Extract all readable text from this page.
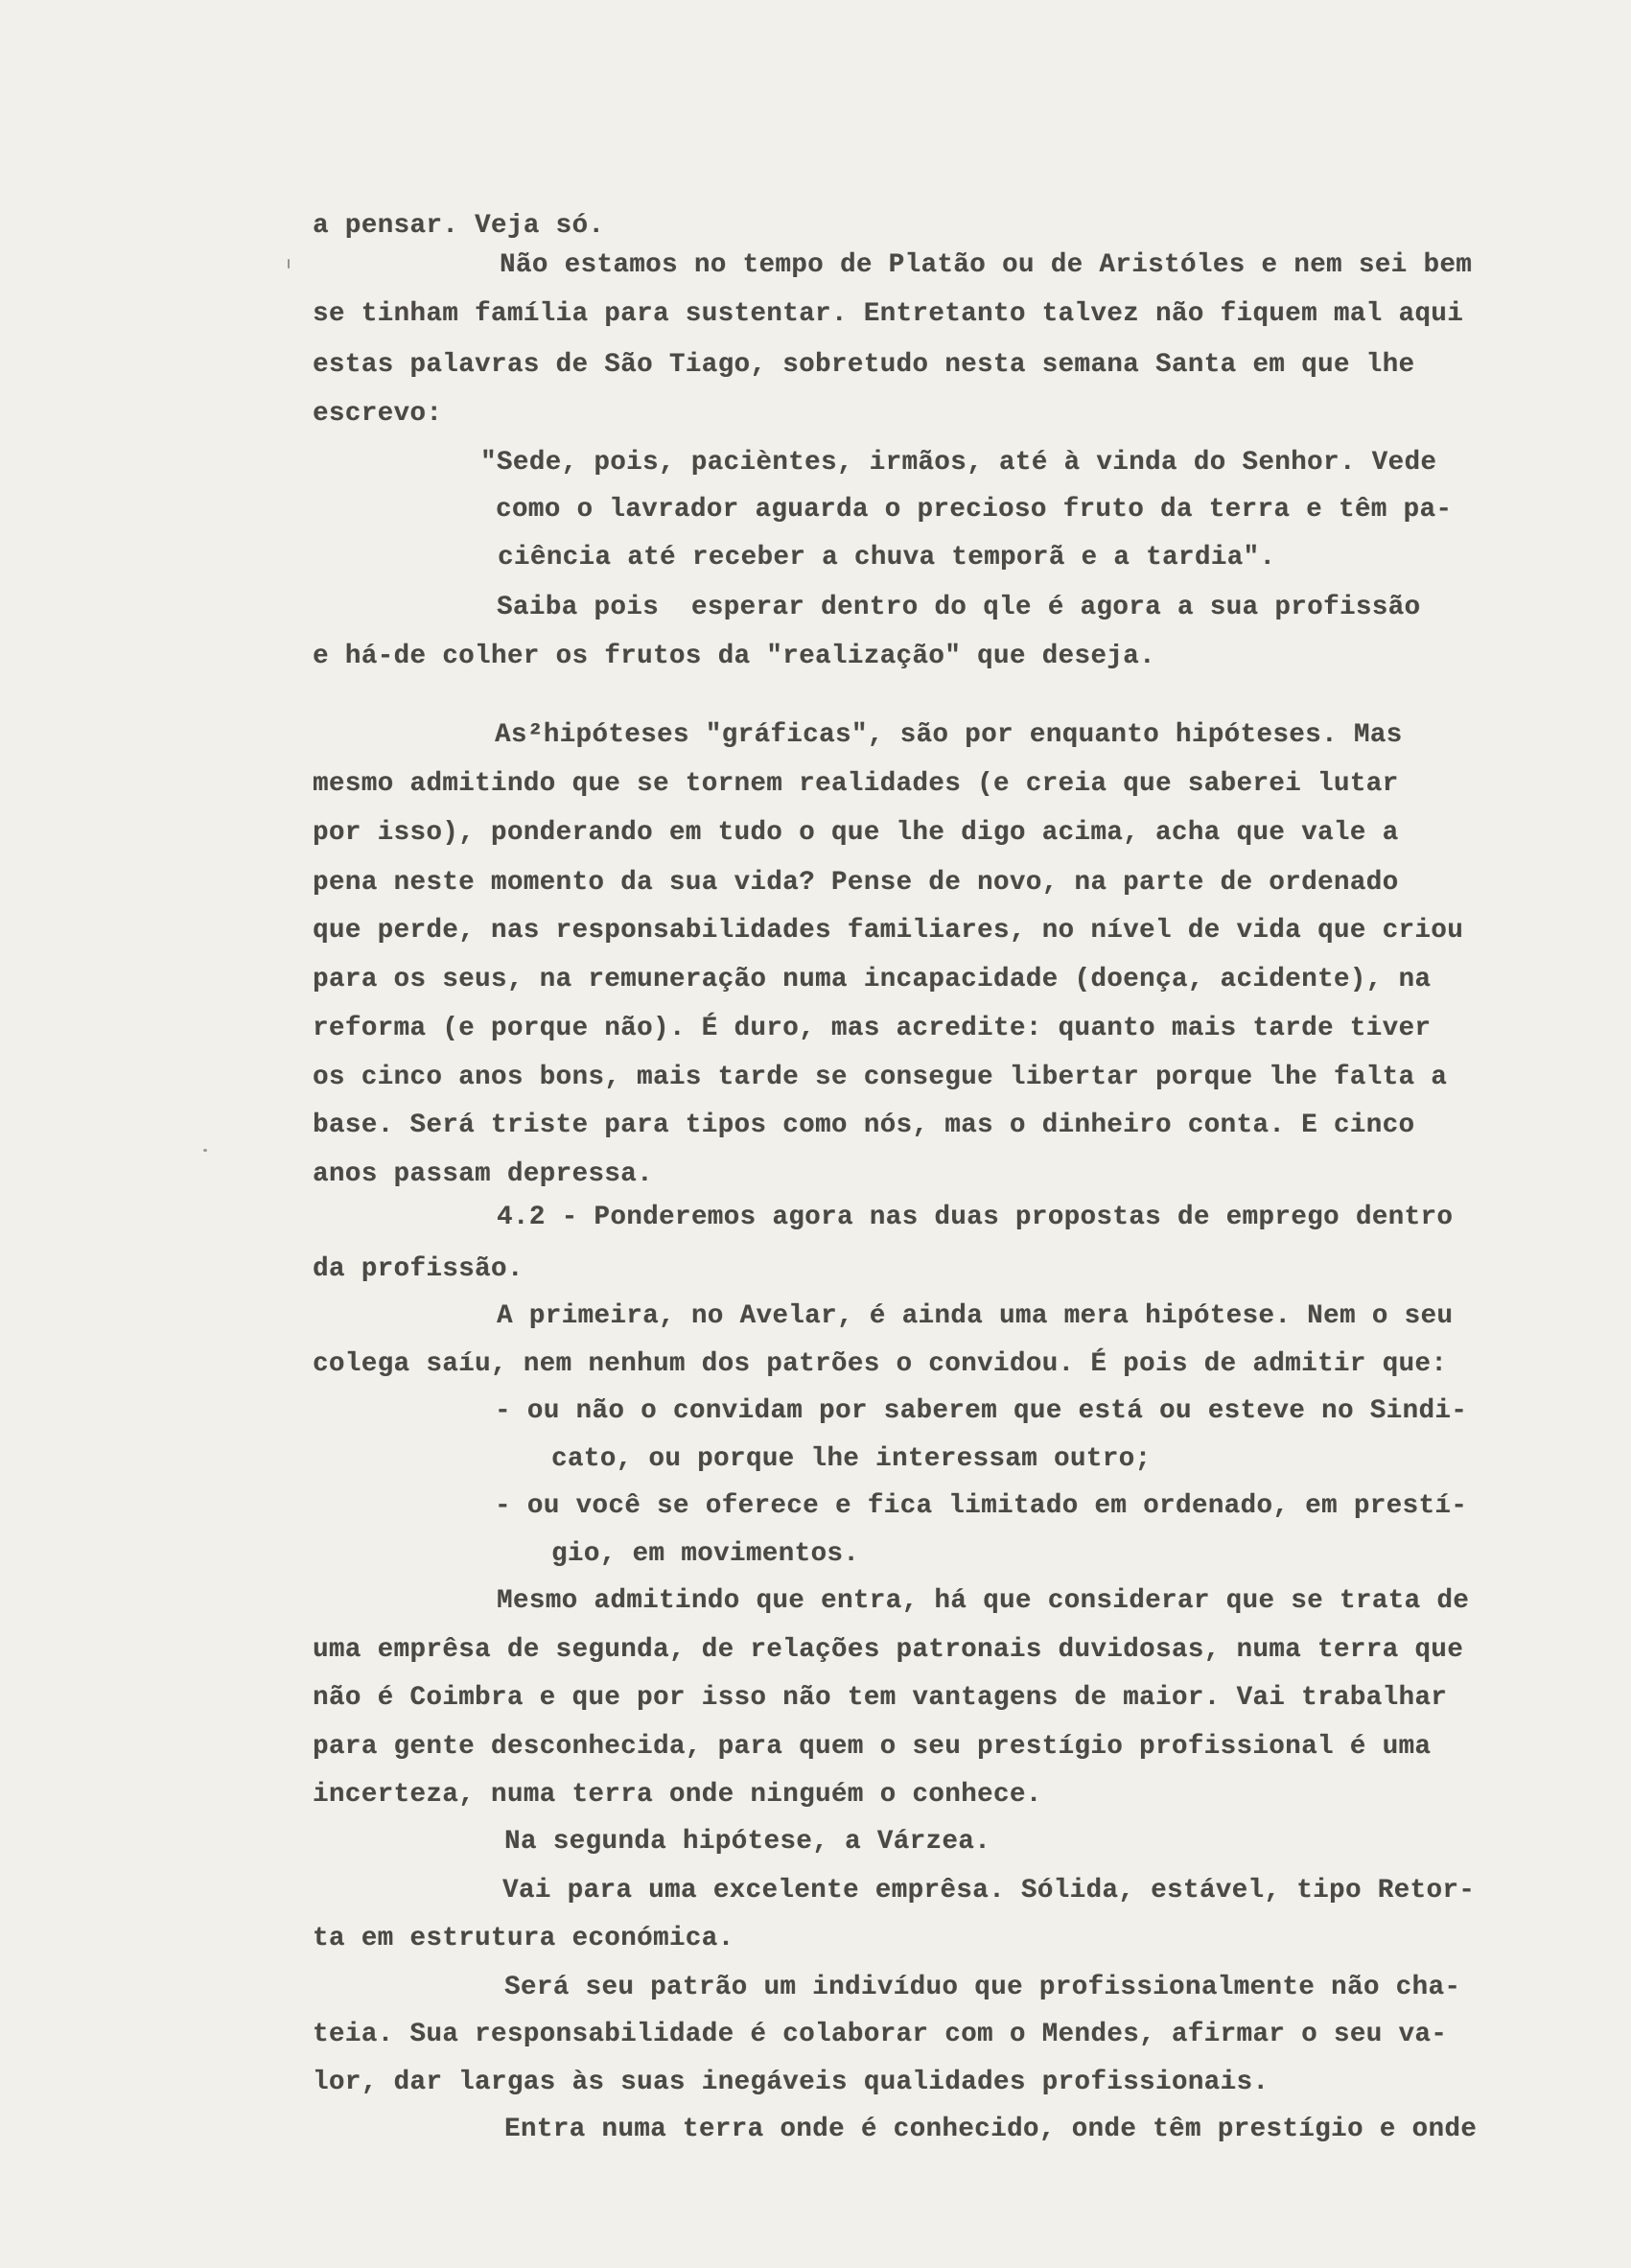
a pensar. Veja só.
Não estamos no tempo de Platão ou de Aristóles e nem sei bem
se tinham família para sustentar. Entretanto talvez não fiquem mal aqui
estas palavras de São Tiago, sobretudo nesta semana Santa em que lhe
escrevo:
"Sede, pois, pacièntes, irmãos, até à vinda do Senhor. Vede
como o lavrador aguarda o precioso fruto da terra e têm pa-
ciência até receber a chuva temporã e a tardia".
Saiba pois  esperar dentro do qle é agora a sua profissão
e há-de colher os frutos da "realização" que deseja.
As²hipóteses "gráficas", são por enquanto hipóteses. Mas
mesmo admitindo que se tornem realidades (e creia que saberei lutar
por isso), ponderando em tudo o que lhe digo acima, acha que vale a
pena neste momento da sua vida? Pense de novo, na parte de ordenado
que perde, nas responsabilidades familiares, no nível de vida que criou
para os seus, na remuneração numa incapacidade (doença, acidente), na
reforma (e porque não). É duro, mas acredite: quanto mais tarde tiver
os cinco anos bons, mais tarde se consegue libertar porque lhe falta a
base. Será triste para tipos como nós, mas o dinheiro conta. E cinco
anos passam depressa.
4.2 - Ponderemos agora nas duas propostas de emprego dentro
da profissão.
A primeira, no Avelar, é ainda uma mera hipótese. Nem o seu
colega saíu, nem nenhum dos patrões o convidou. É pois de admitir que:
- ou não o convidam por saberem que está ou esteve no Sindi-
cato, ou porque lhe interessam outro;
- ou você se oferece e fica limitado em ordenado, em prestí-
gio, em movimentos.
Mesmo admitindo que entra, há que considerar que se trata de
uma emprêsa de segunda, de relações patronais duvidosas, numa terra que
não é Coimbra e que por isso não tem vantagens de maior. Vai trabalhar
para gente desconhecida, para quem o seu prestígio profissional é uma
incerteza, numa terra onde ninguém o conhece.
Na segunda hipótese, a Várzea.
Vai para uma excelente emprêsa. Sólida, estável, tipo Retor-
ta em estrutura económica.
Será seu patrão um indivíduo que profissionalmente não cha-
teia. Sua responsabilidade é colaborar com o Mendes, afirmar o seu va-
lor, dar largas às suas inegáveis qualidades profissionais.
Entra numa terra onde é conhecido, onde têm prestígio e onde
